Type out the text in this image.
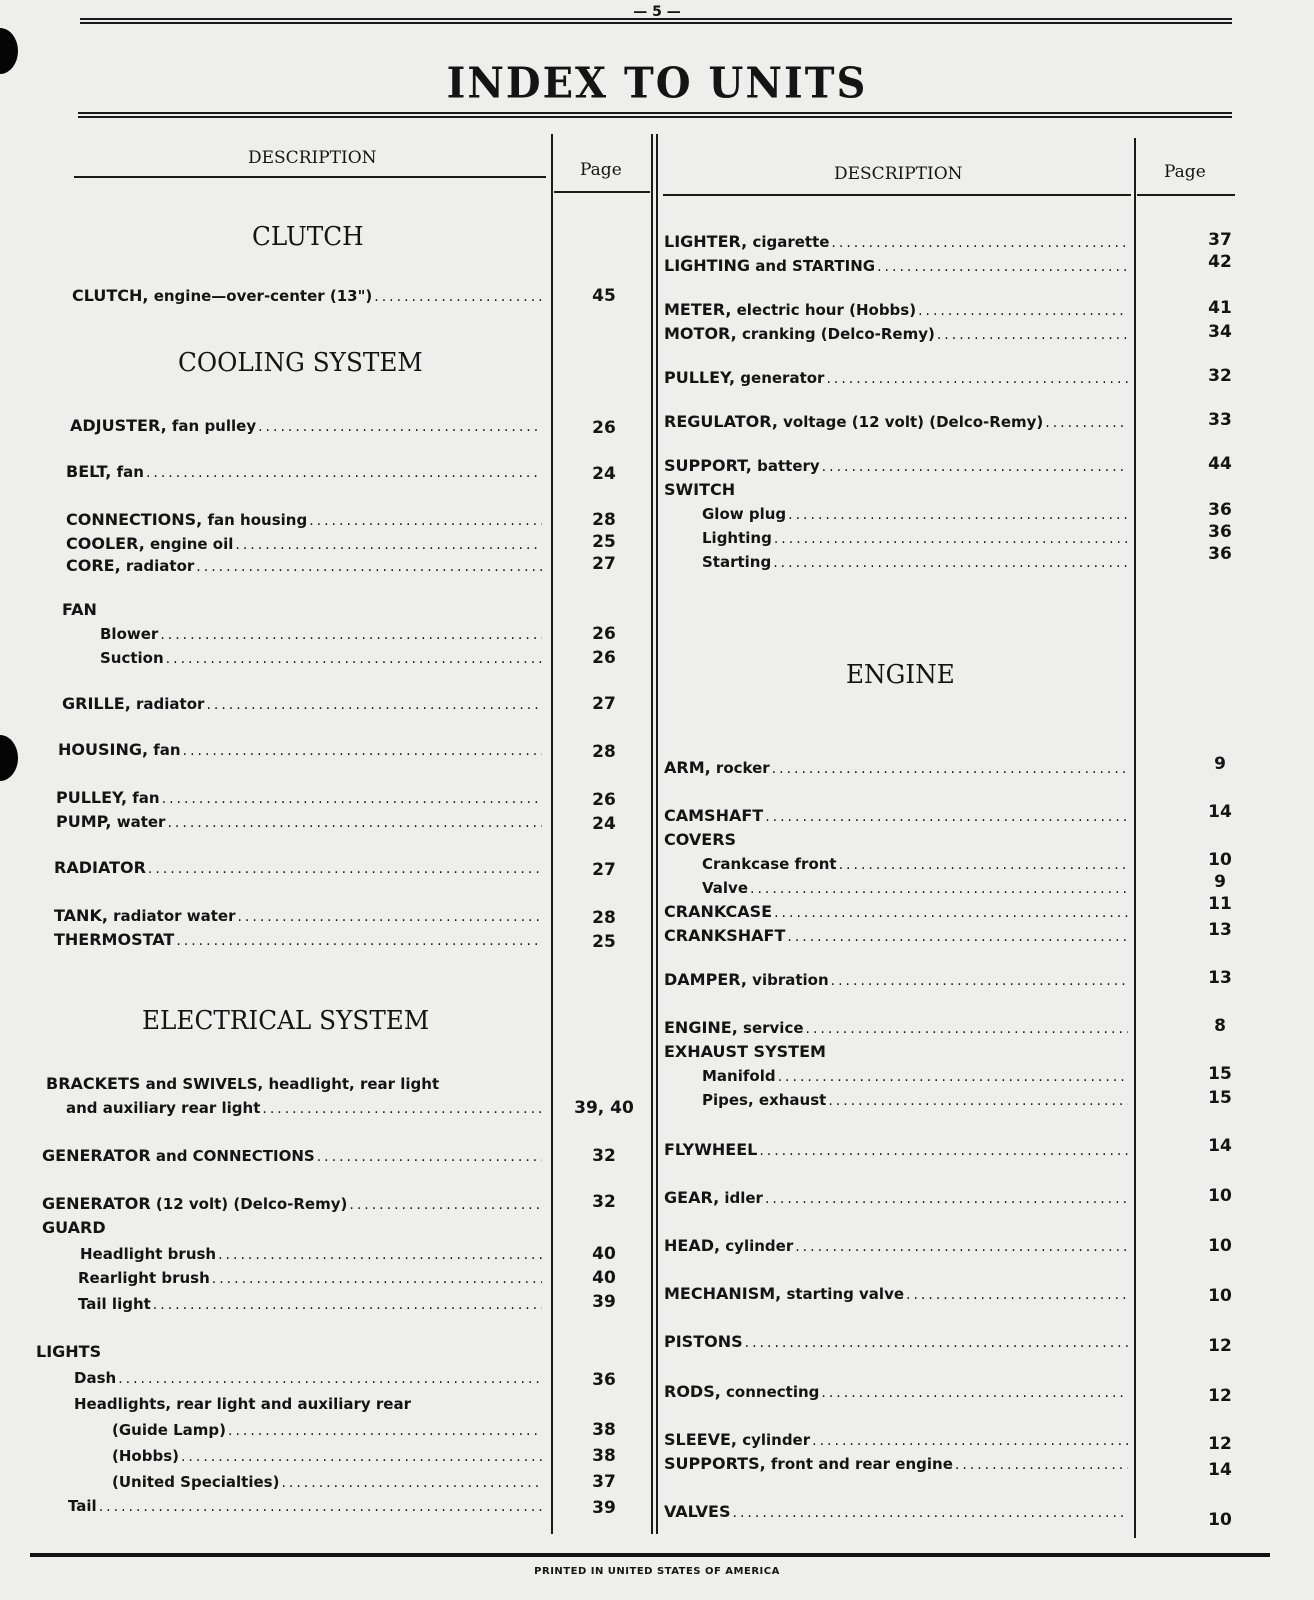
— 5 —
INDEX TO UNITS
DESCRIPTION
Page	DESCRIPTION	Page
CLUTCH
COOLING SYSTEM
ELECTRICAL SYSTEM
ENGINE
CLUTCH, engine—over-center (13") .....	45
ADJUSTER, fan pulley .....	26
BELT, fan .....	24
CONNECTIONS, fan housing .....	28
COOLER, engine oil .....	25
CORE, radiator .....	27
FAN
Blower .....	26
Suction .....	26
GRILLE, radiator .....	27
HOUSING, fan .....	28
PULLEY, fan .....	26
PUMP, water .....	24
RADIATOR .....	27
TANK, radiator water .....	28
THERMOSTAT .....	25
BRACKETS and SWIVELS, headlight, rear light
and auxiliary rear light .....	39, 40
GENERATOR and CONNECTIONS .....	32
GENERATOR (12 volt) (Delco-Remy) .....	32
GUARD
Headlight brush .....	40
Rearlight brush .....	40
Tail light .....	39
LIGHTS
Dash .....	36
Headlights, rear light and auxiliary rear
(Guide Lamp) .....	38
(Hobbs) .....	38
(United Specialties) .....	37
Tail .....	39
LIGHTER, cigarette .....	37
LIGHTING and STARTING .....	42
METER, electric hour (Hobbs) .....	41
MOTOR, cranking (Delco-Remy) .....	34
PULLEY, generator .....	32
REGULATOR, voltage (12 volt) (Delco-Remy) .....	33
SUPPORT, battery .....	44
SWITCH
Glow plug .....	36
Lighting .....	36
Starting .....	36
ARM, rocker .....	9
CAMSHAFT .....	14
COVERS
Crankcase front .....	10
Valve .....	9
CRANKCASE .....	11
CRANKSHAFT .....	13
DAMPER, vibration .....	13
ENGINE, service .....	8
EXHAUST SYSTEM
Manifold .....	15
Pipes, exhaust .....	15
FLYWHEEL .....	14
GEAR, idler .....	10
HEAD, cylinder .....	10
MECHANISM, starting valve .....	10
PISTONS .....	12
RODS, connecting .....	12
SLEEVE, cylinder .....	12
SUPPORTS, front and rear engine .....	14
VALVES .....	10
PRINTED IN UNITED STATES OF AMERICA
